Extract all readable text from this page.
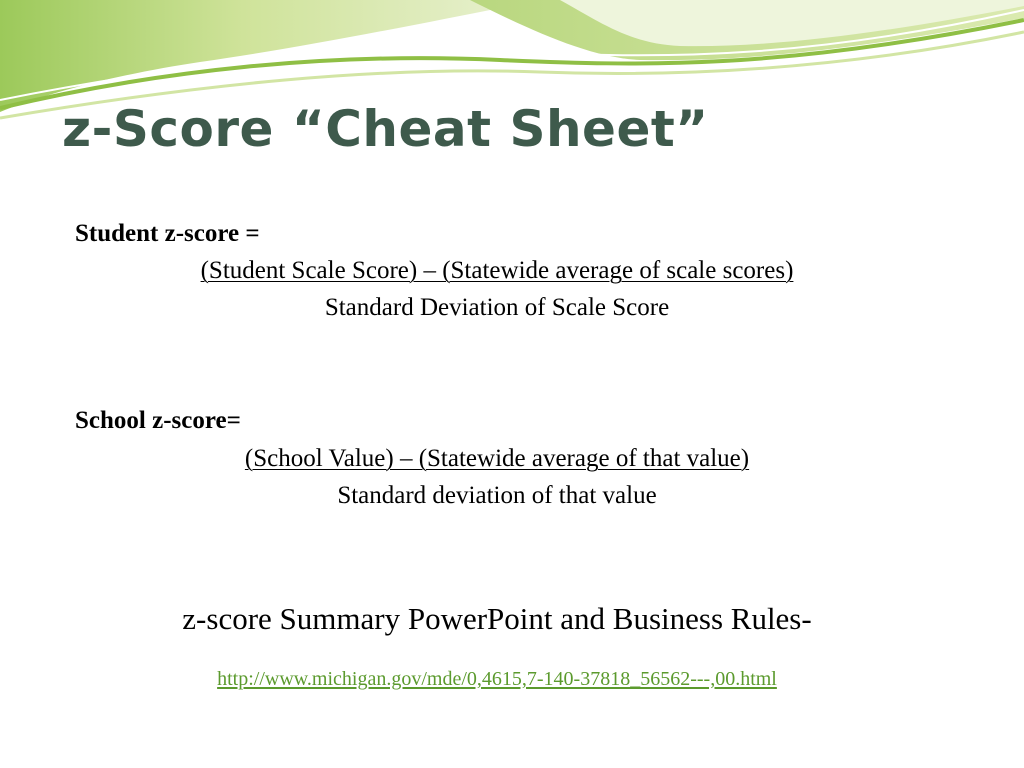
z-Score “Cheat Sheet”
Student z-score =
(Student Scale Score) – (Statewide average of scale scores)
Standard Deviation of Scale Score
School z-score=
(School Value) – (Statewide average of that value)
Standard deviation of that value
z-score Summary PowerPoint and Business Rules-
http://www.michigan.gov/mde/0,4615,7-140-37818_56562---,00.html
